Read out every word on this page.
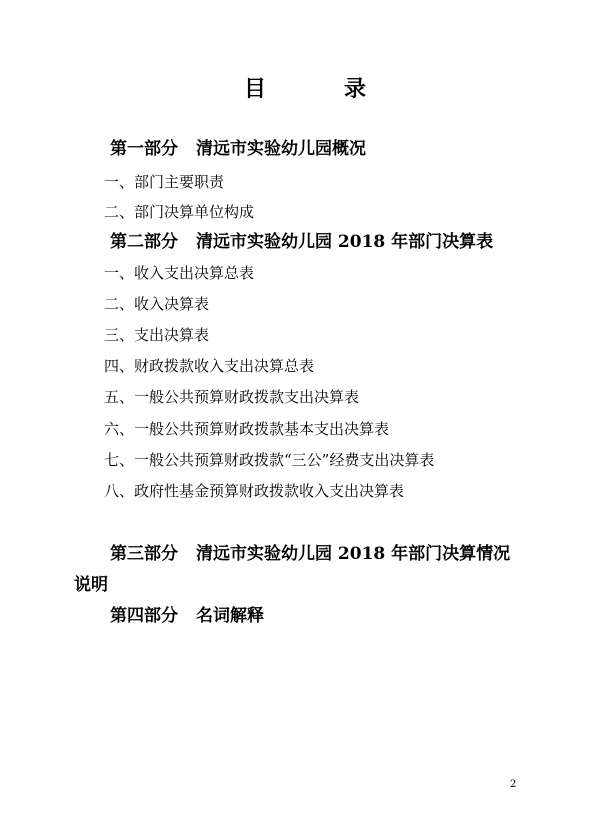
目	录
第一部分 清远市实验幼儿园概况
一、部门主要职责
二、部门决算单位构成
第二部分 清远市实验幼儿园 2018 年部门决算表
一、收入支出决算总表
二、收入决算表
三、支出决算表
四、财政拨款收入支出决算总表
五、一般公共预算财政拨款支出决算表
六、一般公共预算财政拨款基本支出决算表
七、一般公共预算财政拨款“三公”经费支出决算表
八、政府性基金预算财政拨款收入支出决算表
第三部分 清远市实验幼儿园 2018 年部门决算情况
说明
第四部分 名词解释
2
